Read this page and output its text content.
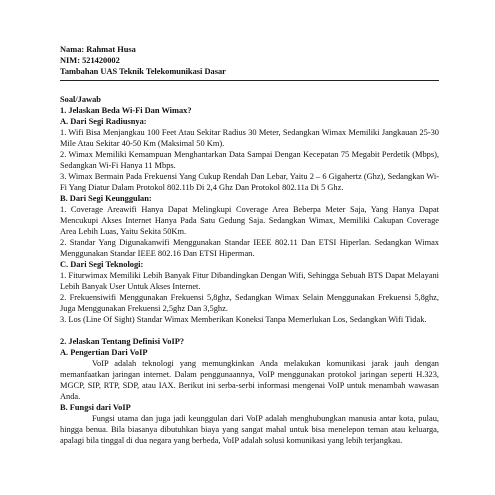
Nama: Rahmat Husa
NIM: 521420002
Tambahan UAS Teknik Telekomunikasi Dasar
Soal/Jawab
1. Jelaskan Beda Wi-Fi Dan Wimax?
A. Dari Segi Radiusnya:
1. Wifi Bisa Menjangkau 100 Feet Atau Sekitar Radius 30 Meter, Sedangkan Wimax Memiliki Jangkauan 25-30 Mile Atau Sekitar 40-50 Km (Maksimal 50 Km).
2. Wimax Memiliki Kemampuan Menghantarkan Data Sampai Dengan Kecepatan 75 Megabit Perdetik (Mbps), Sedangkan Wi-Fi Hanya 11 Mbps.
3. Wimax Bermain Pada Frekuensi Yang Cukup Rendah Dan Lebar, Yaitu 2 – 6 Gigahertz (Ghz), Sedangkan Wi-Fi Yang Diatur Dalam Protokol 802.11b Di 2,4 Ghz Dan Protokol 802.11a Di 5 Ghz.
B. Dari Segi Keunggulan:
1. Coverage Areawifi Hanya Dapat Melingkupi Coverage Area Beberpa Meter Saja, Yang Hanya Dapat Mencukupi Akses Internet Hanya Pada Satu Gedung Saja. Sedangkan Wimax, Memiliki Cakupan Coverage Area Lebih Luas, Yaitu Sekita 50Km.
2. Standar Yang Digunakanwifi Menggunakan Standar IEEE 802.11 Dan ETSI Hiperlan. Sedangkan Wimax Menggunakan Standar IEEE 802.16 Dan ETSI Hiperman.
C. Dari Segi Teknologi:
1. Fiturwimax Memiliki Lebih Banyak Fitur Dibandingkan Dengan Wifi, Sehingga Sebuah BTS Dapat Melayani Lebih Banyak User Untuk Akses Internet.
2. Frekuensiwifi Menggunakan Frekuensi 5,8ghz, Sedangkan Wimax Selain Menggunakan Frekuensi 5,8ghz, Juga Menggunakan Frekuensi 2,5ghz Dan 3,5ghz.
3. Los (Line Of Sight) Standar Wimax Memberikan Koneksi Tanpa Memerlukan Los, Sedangkan Wifi Tidak.
2. Jelaskan Tentang Definisi VoIP?
A. Pengertian Dari VoIP
VoIP adalah teknologi yang memungkinkan Anda melakukan komunikasi jarak jauh dengan memanfaatkan jaringan internet. Dalam penggunaannya, VoIP menggunakan protokol jaringan seperti H.323, MGCP, SIP, RTP, SDP, atau IAX. Berikut ini serba-serbi informasi mengenai VoIP untuk menambah wawasan Anda.
B. Fungsi dari VoIP
Fungsi utama dan juga jadi keunggulan dari VoIP adalah menghubungkan manusia antar kota, pulau, hingga benua. Bila biasanya dibutuhkan biaya yang sangat mahal untuk bisa menelepon teman atau keluarga, apalagi bila tinggal di dua negara yang berbeda, VoIP adalah solusi komunikasi yang lebih terjangkau.
